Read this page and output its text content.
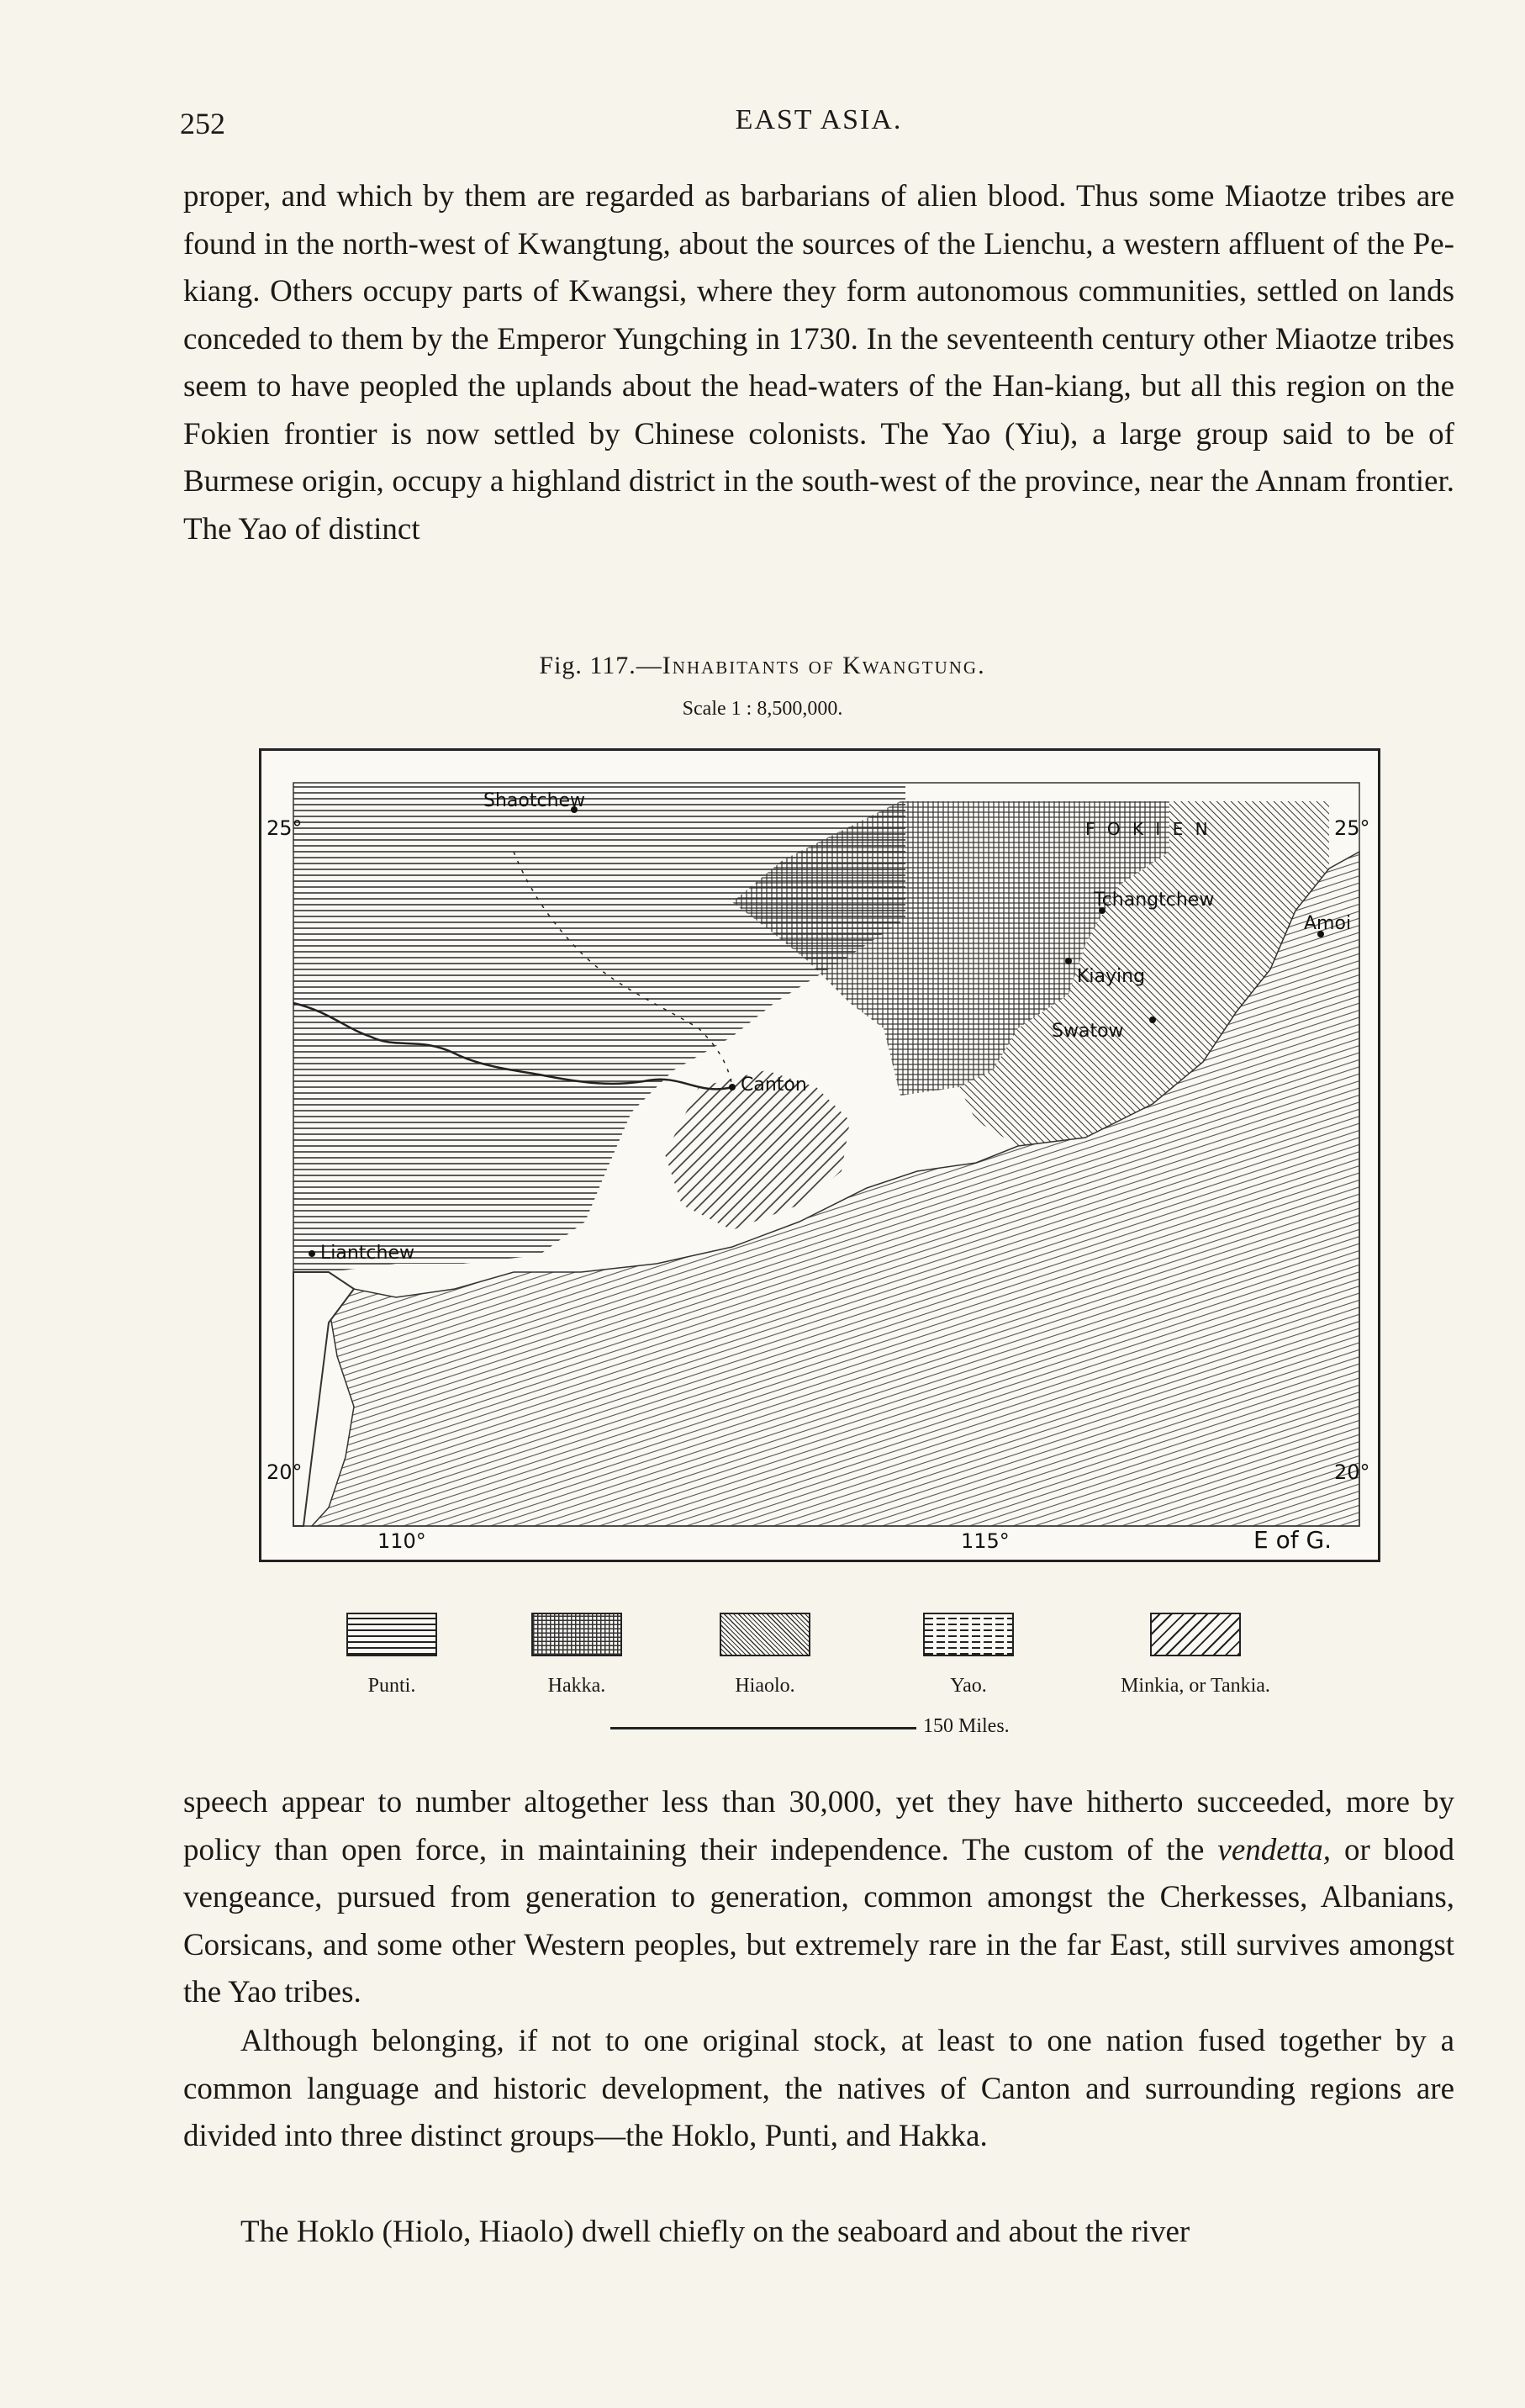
252	EAST ASIA.

proper, and which by them are regarded as barbarians of alien blood. Thus some Miaotze tribes are found in the north-west of Kwangtung, about the sources of the Lienchu, a western affluent of the Pe-kiang. Others occupy parts of Kwangsi, where they form autonomous communities, settled on lands conceded to them by the Emperor Yungching in 1730. In the seventeenth century other Miaotze tribes seem to have peopled the uplands about the head-waters of the Han-kiang, but all this region on the Fokien frontier is now settled by Chinese colonists. The Yao (Yiu), a large group said to be of Burmese origin, occupy a highland district in the south-west of the province, near the Annam frontier. The Yao of distinct

Fig. 117.—Inhabitants of Kwangtung.
Scale 1 : 8,500,000.
Shaotchew
Tchangtchew
Amoi
Kiaying
Swatow
Canton
Liantchew
F O K I E N
25°	25°
20°	20°
110°	115°	E of G.
Punti.	Hakka.	Hiaolo.	Yao.	Minkia, or Tankia.
150 Miles.

speech appear to number altogether less than 30,000, yet they have hitherto succeeded, more by policy than open force, in maintaining their independence. The custom of the vendetta, or blood vengeance, pursued from generation to generation, common amongst the Cherkesses, Albanians, Corsicans, and some other Western peoples, but extremely rare in the far East, still survives amongst the Yao tribes.

Although belonging, if not to one original stock, at least to one nation fused together by a common language and historic development, the natives of Canton and surrounding regions are divided into three distinct groups—the Hoklo, Punti, and Hakka.

The Hoklo (Hiolo, Hiaolo) dwell chiefly on the seaboard and about the river
